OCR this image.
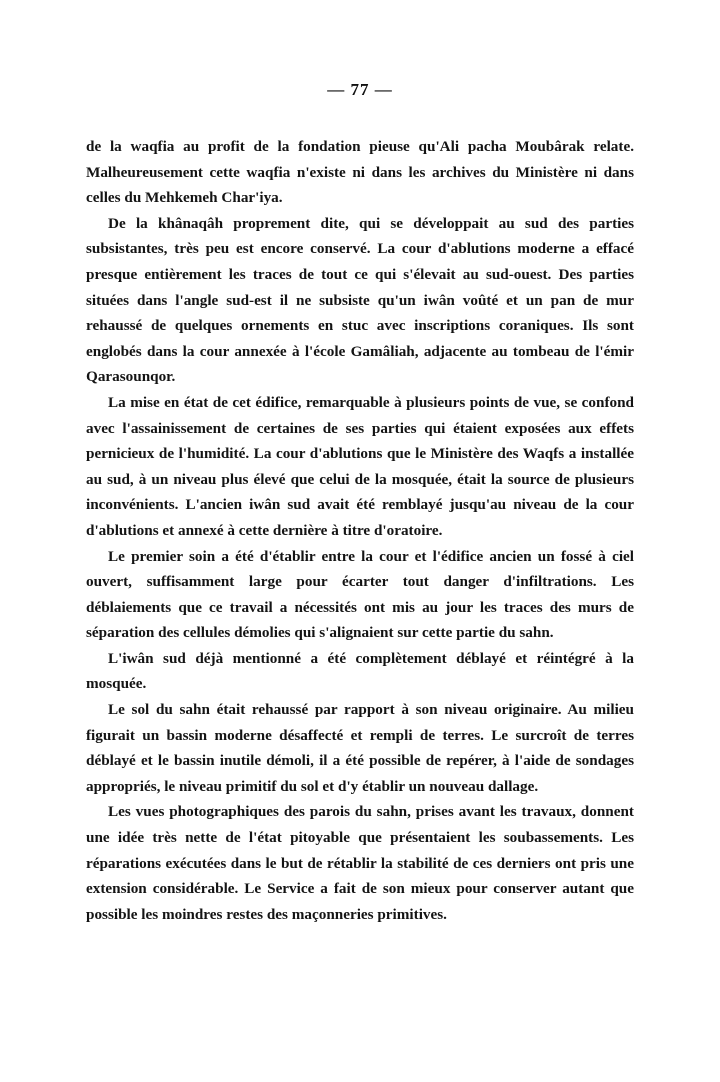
— 77 —

de la waqfia au profit de la fondation pieuse qu'Ali pacha Moubârak relate. Malheureusement cette waqfia n'existe ni dans les archives du Ministère ni dans celles du Mehkemeh Char'iya.

De la khânaqâh proprement dite, qui se développait au sud des parties subsistantes, très peu est encore conservé. La cour d'ablutions moderne a effacé presque entièrement les traces de tout ce qui s'élevait au sud-ouest. Des parties situées dans l'angle sud-est il ne subsiste qu'un iwân voûté et un pan de mur rehaussé de quelques ornements en stuc avec inscriptions coraniques. Ils sont englobés dans la cour annexée à l'école Gamâliah, adjacente au tombeau de l'émir Qarasounqor.

La mise en état de cet édifice, remarquable à plusieurs points de vue, se confond avec l'assainissement de certaines de ses parties qui étaient exposées aux effets pernicieux de l'humidité. La cour d'ablutions que le Ministère des Waqfs a installée au sud, à un niveau plus élevé que celui de la mosquée, était la source de plusieurs inconvénients. L'ancien iwân sud avait été remblayé jusqu'au niveau de la cour d'ablutions et annexé à cette dernière à titre d'oratoire.

Le premier soin a été d'établir entre la cour et l'édifice ancien un fossé à ciel ouvert, suffisamment large pour écarter tout danger d'infiltrations. Les déblaiements que ce travail a nécessités ont mis au jour les traces des murs de séparation des cellules démolies qui s'alignaient sur cette partie du sahn.

L'iwân sud déjà mentionné a été complètement déblayé et réintégré à la mosquée.

Le sol du sahn était rehaussé par rapport à son niveau originaire. Au milieu figurait un bassin moderne désaffecté et rempli de terres. Le surcroît de terres déblayé et le bassin inutile démoli, il a été possible de repérer, à l'aide de sondages appropriés, le niveau primitif du sol et d'y établir un nouveau dallage.

Les vues photographiques des parois du sahn, prises avant les travaux, donnent une idée très nette de l'état pitoyable que présentaient les soubassements. Les réparations exécutées dans le but de rétablir la stabilité de ces derniers ont pris une extension considérable. Le Service a fait de son mieux pour conserver autant que possible les moindres restes des maçonneries primitives.
